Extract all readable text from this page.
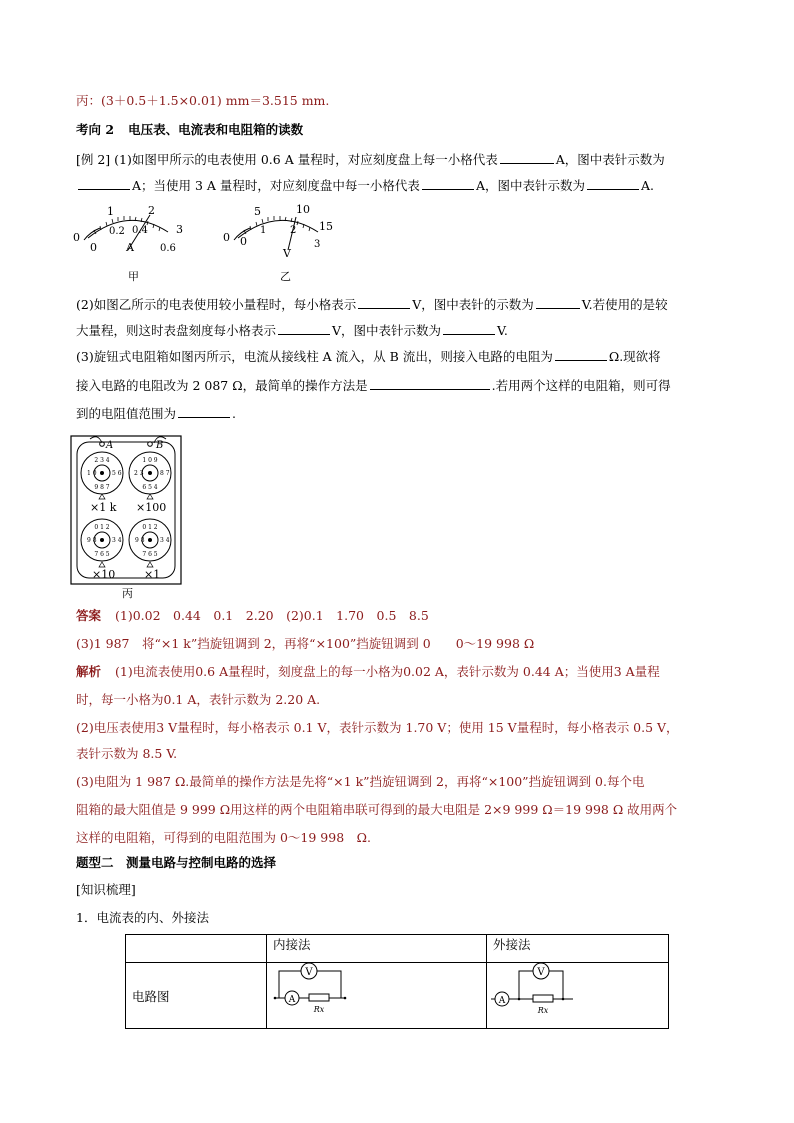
丙：(3＋0.5＋1.5×0.01) mm＝3.515 mm.
考向 2 电压表、电流表和电阻箱的读数
[例 2] (1)如图甲所示的电表使用 0.6 A 量程时，对应刻度盘上每一小格代表	A，图中表针示数为
A；当使用 3 A 量程时，对应刻度盘中每一小格代表	A，图中表针示数为	A.
0
1	2
3
0
0.2 0.4
0.6
A
甲
0
5	10
15
0
1 2
3
V
乙
(2)如图乙所示的电表使用较小量程时，每小格表示	V，图中表针的示数为	V.若使用的是较
大量程，则这时表盘刻度每小格表示	V，图中表针示数为	V.
(3)旋钮式电阻箱如图丙所示，电流从接线柱 A 流入，从 B 流出，则接入电路的电阻为	Ω.现欲将
接入电路的电阻改为 2 087 Ω，最简单的操作方法是	.若用两个这样的电阻箱，则可得
到的电阻值范围为	.
A	B
2 3 4
9 8 7
1 0	5 6
1 0 9
6 5 4
2 3	8 7
×1 k ×100
0 1 2
7 6 5
9 8	3 4
0 1 2
7 6 5
9 8	3 4
×10	×1
丙
答案 (1)0.02　0.44　0.1　2.20　(2)0.1　1.70　0.5　8.5
(3)1 987　将“×1 k”挡旋钮调到 2，再将“×100”挡旋钮调到 0　　0～19 998 Ω
解析 (1)电流表使用0.6 A量程时，刻度盘上的每一小格为0.02 A，表针示数为 0.44 A；当使用3 A量程
时，每一小格为0.1 A，表针示数为 2.20 A.
(2)电压表使用3 V量程时，每小格表示 0.1 V，表针示数为 1.70 V；使用 15 V量程时，每小格表示 0.5 V，
表针示数为 8.5 V.
(3)电阻为 1 987 Ω.最简单的操作方法是先将“×1 k”挡旋钮调到 2，再将“×100”挡旋钮调到 0.每个电
阻箱的最大阻值是 9 999 Ω用这样的两个电阻箱串联可得到的最大电阻是 2×9 999 Ω＝19 998 Ω 故用两个
这样的电阻箱，可得到的电阻范围为 0～19 998　Ω.
题型二　测量电路与控制电路的选择
[知识梳理]
1．电流表的内、外接法
	内接法	外接法
电路图	V
A
Rx	V
A
Rx
